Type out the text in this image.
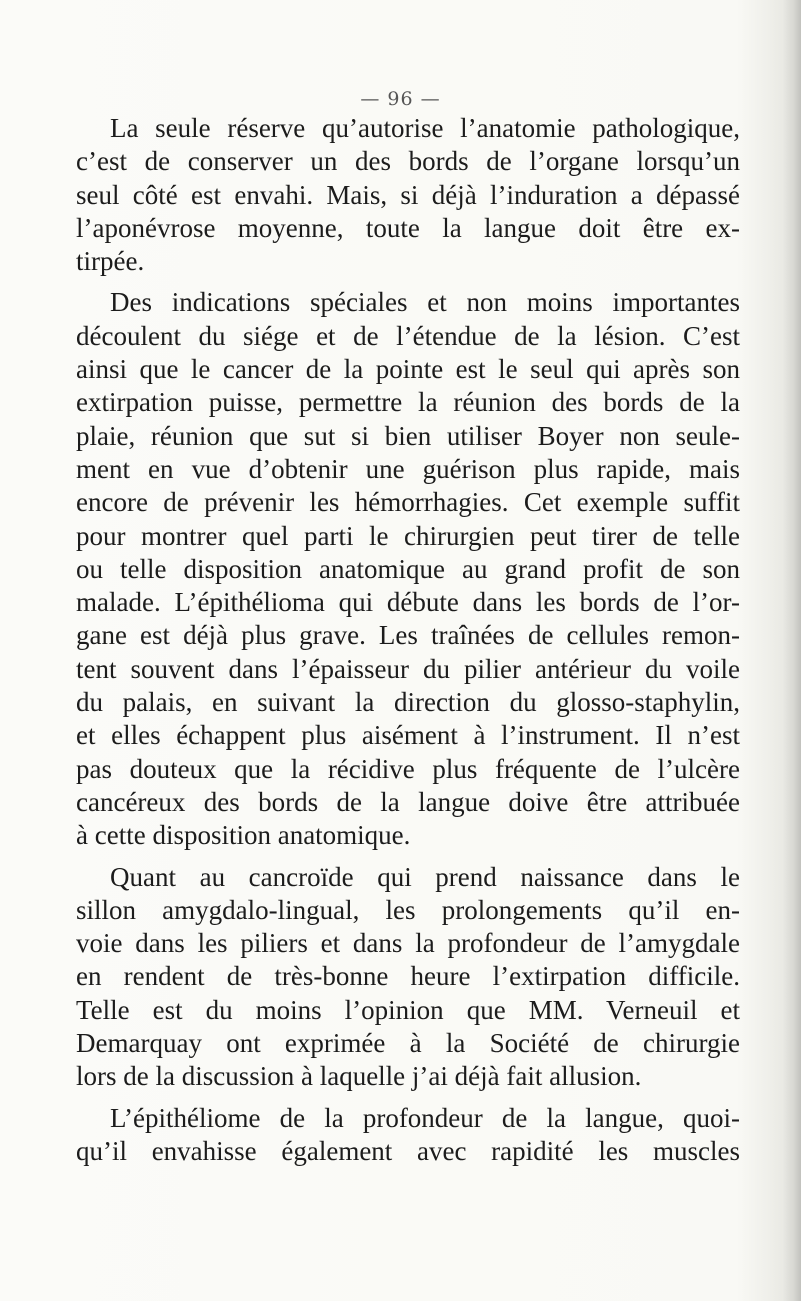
— 96 —
La seule réserve qu’autorise l’anatomie pathologique,
c’est de conserver un des bords de l’organe lorsqu’un
seul côté est envahi. Mais, si déjà l’induration a dépassé
l’aponévrose moyenne, toute la langue doit être ex-
tirpée.
Des indications spéciales et non moins importantes
découlent du siége et de l’étendue de la lésion. C’est
ainsi que le cancer de la pointe est le seul qui après son
extirpation puisse, permettre la réunion des bords de la
plaie, réunion que sut si bien utiliser Boyer non seule-
ment en vue d’obtenir une guérison plus rapide, mais
encore de prévenir les hémorrhagies. Cet exemple suffit
pour montrer quel parti le chirurgien peut tirer de telle
ou telle disposition anatomique au grand profit de son
malade. L’épithélioma qui débute dans les bords de l’or-
gane est déjà plus grave. Les traînées de cellules remon-
tent souvent dans l’épaisseur du pilier antérieur du voile
du palais, en suivant la direction du glosso-staphylin,
et elles échappent plus aisément à l’instrument. Il n’est
pas douteux que la récidive plus fréquente de l’ulcère
cancéreux des bords de la langue doive être attribuée
à cette disposition anatomique.
Quant au cancroïde qui prend naissance dans le
sillon amygdalo-lingual, les prolongements qu’il en-
voie dans les piliers et dans la profondeur de l’amygdale
en rendent de très-bonne heure l’extirpation difficile.
Telle est du moins l’opinion que MM. Verneuil et
Demarquay ont exprimée à la Société de chirurgie
lors de la discussion à laquelle j’ai déjà fait allusion.
L’épithéliome de la profondeur de la langue, quoi-
qu’il envahisse également avec rapidité les muscles
